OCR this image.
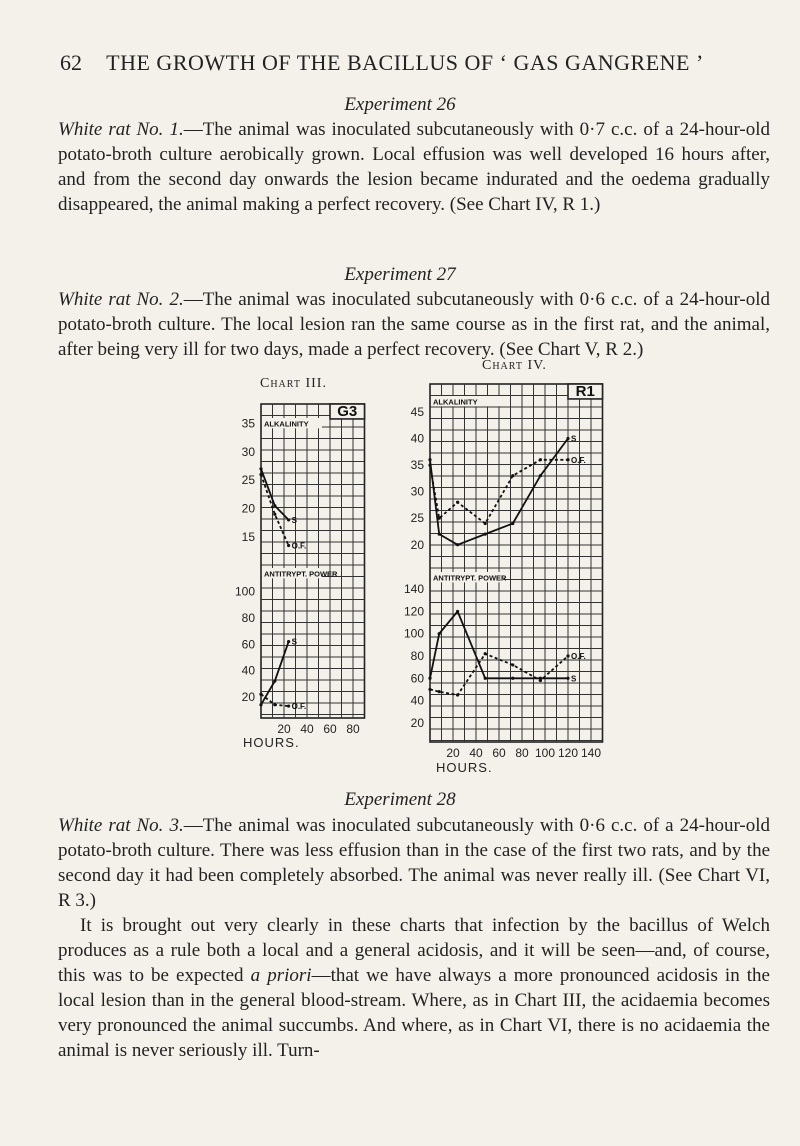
62	THE GROWTH OF THE BACILLUS OF ‘ GAS GANGRENE ’
Experiment 26

White rat No. 1.—The animal was inoculated subcutaneously with 0·7 c.c. of a 24-hour-old potato-broth culture aerobically grown. Local effusion was well developed 16 hours after, and from the second day onwards the lesion became indurated and the oedema gradually disappeared, the animal making a perfect recovery. (See Chart IV, R 1.)

Experiment 27

White rat No. 2.—The animal was inoculated subcutaneously with 0·6 c.c. of a 24-hour-old potato-broth culture. The local lesion ran the same course as in the first rat, and the animal, after being very ill for two days, made a perfect recovery. (See Chart V, R 2.)

Chart III.
Chart IV.
G3
ALKALINITY
35
30
25
20
15
S
O.F.
ANTITRYPT. POWER
100
80
60
40
20
S
O.F.
20 40 60 80
R1
ALKALINITY
45
40
35
30
25
20
S
O.F.
ANTITRYPT. POWER
140
120
100
80
60
40
20
S
O.F.
20 40 60 80 100 120 140
HOURS.
HOURS.
Experiment 28

White rat No. 3.—The animal was inoculated subcutaneously with 0·6 c.c. of a 24-hour-old potato-broth culture. There was less effusion than in the case of the first two rats, and by the second day it had been completely absorbed. The animal was never really ill. (See Chart VI, R 3.)

It is brought out very clearly in these charts that infection by the bacillus of Welch produces as a rule both a local and a general acidosis, and it will be seen—and, of course, this was to be expected a priori—that we have always a more pronounced acidosis in the local lesion than in the general blood-stream. Where, as in Chart III, the acidaemia becomes very pronounced the animal succumbs. And where, as in Chart VI, there is no acidaemia the animal is never seriously ill. Turn-
